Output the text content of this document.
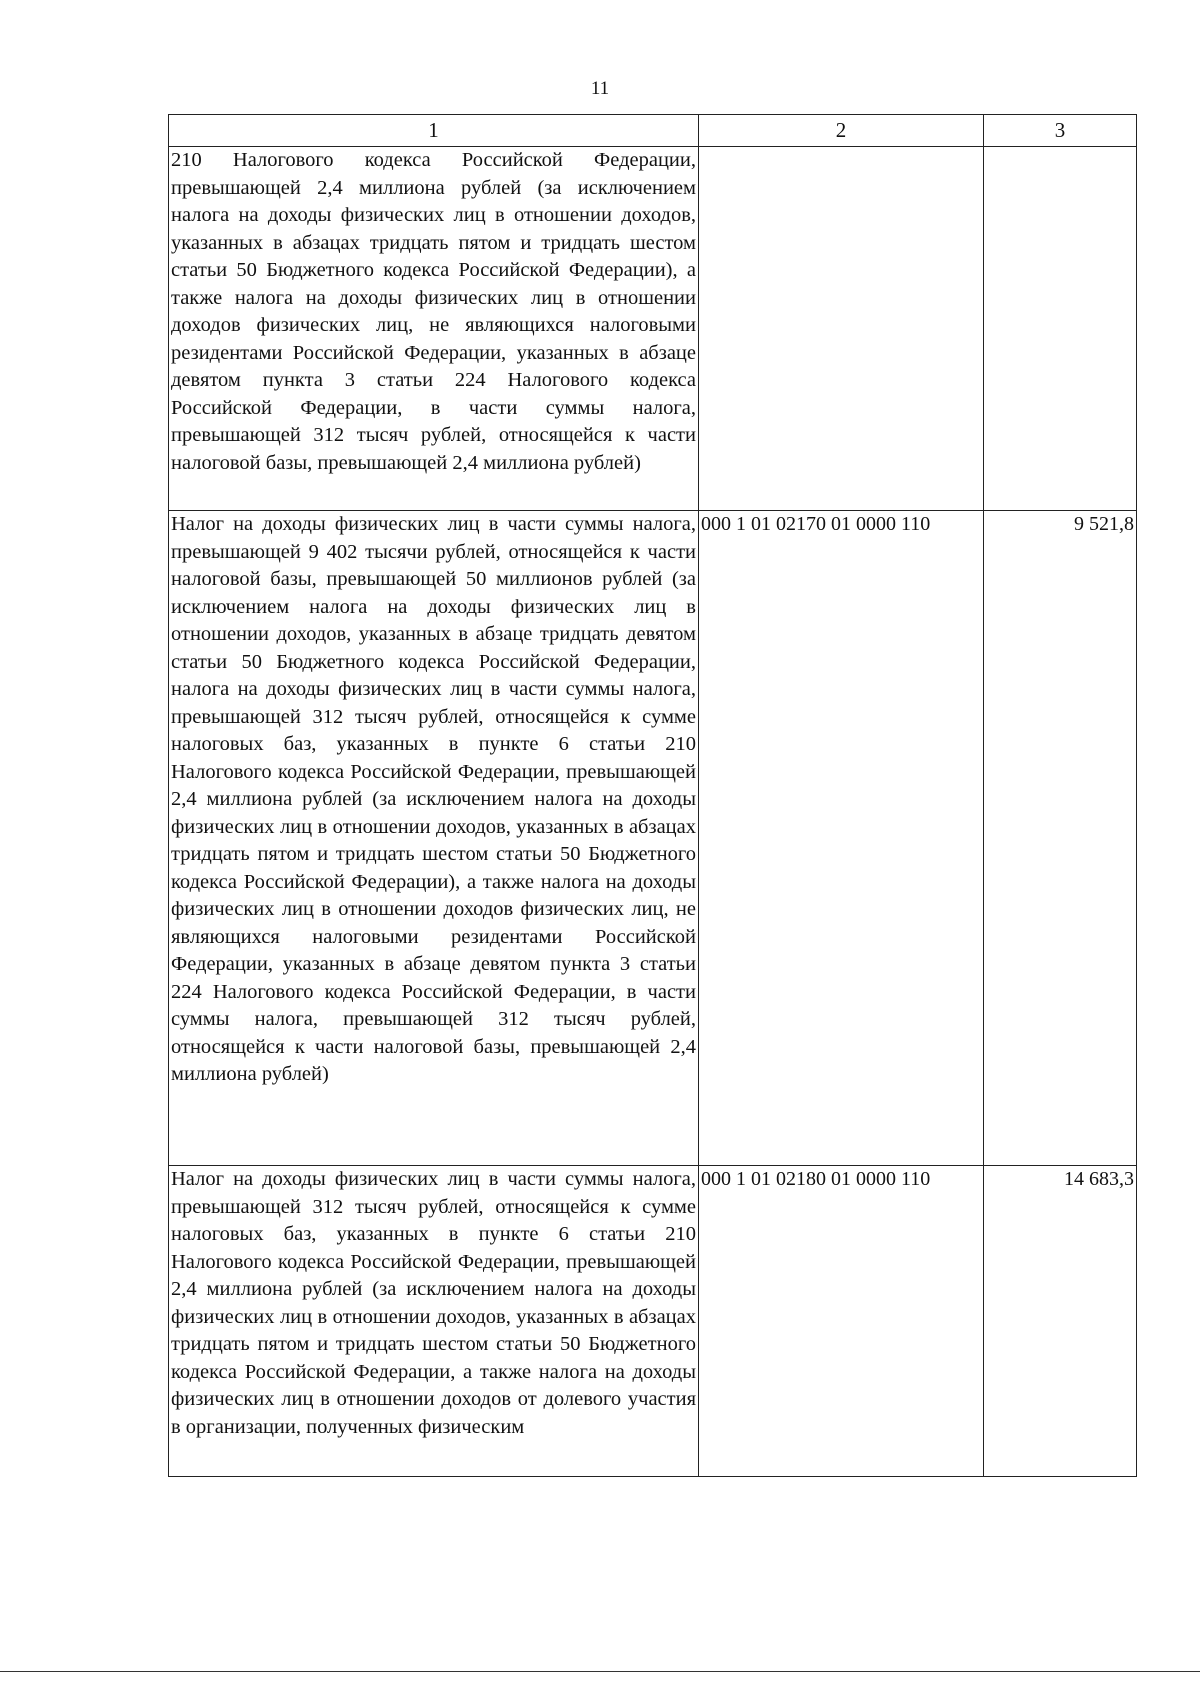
11
1	2	3
210 Налогового кодекса Российской Федерации, превышающей 2,4 миллиона рублей (за исключением налога на доходы физических лиц в отношении доходов, указанных в абзацах тридцать пятом и тридцать шестом статьи 50 Бюджетного кодекса Российской Федерации), а также налога на доходы физических лиц в отношении доходов физических лиц, не являющихся налоговыми резидентами Российской Федерации, указанных в абзаце девятом пункта 3 статьи 224 Налогового кодекса Российской Федерации, в части суммы налога, превышающей 312 тысяч рублей, относящейся к части налоговой базы, превышающей 2,4 миллиона рублей)		
Налог на доходы физических лиц в части суммы налога, превышающей 9 402 тысячи рублей, относящейся к части налоговой базы, превышающей 50 миллионов рублей (за исключением налога на доходы физических лиц в отношении доходов, указанных в абзаце тридцать девятом статьи 50 Бюджетного кодекса Российской Федерации, налога на доходы физических лиц в части суммы налога, превышающей 312 тысяч рублей, относящейся к сумме налоговых баз, указанных в пункте 6 статьи 210 Налогового кодекса Российской Федерации, превышающей 2,4 миллиона рублей (за исключением налога на доходы физических лиц в отношении доходов, указанных в абзацах тридцать пятом и тридцать шестом статьи 50 Бюджетного кодекса Российской Федерации), а также налога на доходы физических лиц в отношении доходов физических лиц, не являющихся налоговыми резидентами Российской Федерации, указанных в абзаце девятом пункта 3 статьи 224 Налогового кодекса Российской Федерации, в части суммы налога, превышающей 312 тысяч рублей, относящейся к части налоговой базы, превышающей 2,4 миллиона рублей)	000 1 01 02170 01 0000 110	9 521,8
Налог на доходы физических лиц в части суммы налога, превышающей 312 тысяч рублей, относящейся к сумме налоговых баз, указанных в пункте 6 статьи 210 Налогового кодекса Российской Федерации, превышающей 2,4 миллиона рублей (за исключением налога на доходы физических лиц в отношении доходов, указанных в абзацах тридцать пятом и тридцать шестом статьи 50 Бюджетного кодекса Российской Федерации, а также налога на доходы физических лиц в отношении доходов от долевого участия в организации, полученных физическим	000 1 01 02180 01 0000 110	14 683,3
